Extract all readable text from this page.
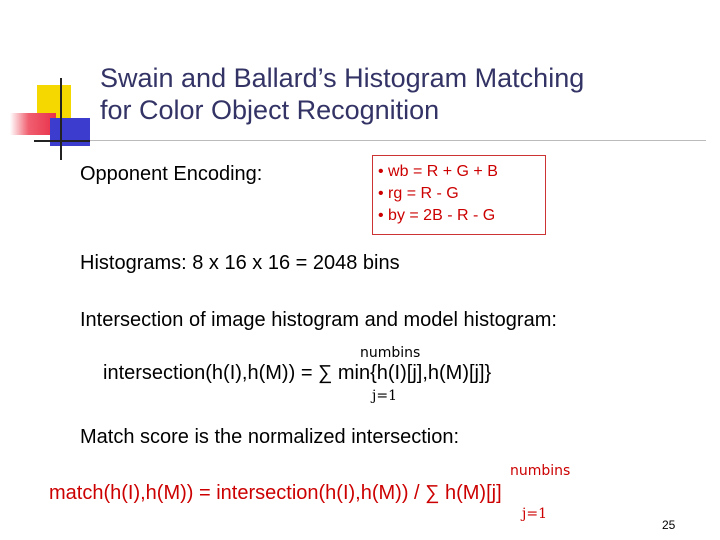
Swain and Ballard’s Histogram Matching
for Color Object Recognition
Opponent Encoding:	• wb = R + G + B
• rg = R - G
• by = 2B - R - G
Histograms: 8 x 16 x 16 = 2048 bins
Intersection of image histogram and model histogram:
numbins
intersection(h(I),h(M)) = ∑ min{h(I)[j],h(M)[j]}
j=1
Match score is the normalized intersection:
numbins
match(h(I),h(M)) = intersection(h(I),h(M)) / ∑ h(M)[j]
j=1
25
